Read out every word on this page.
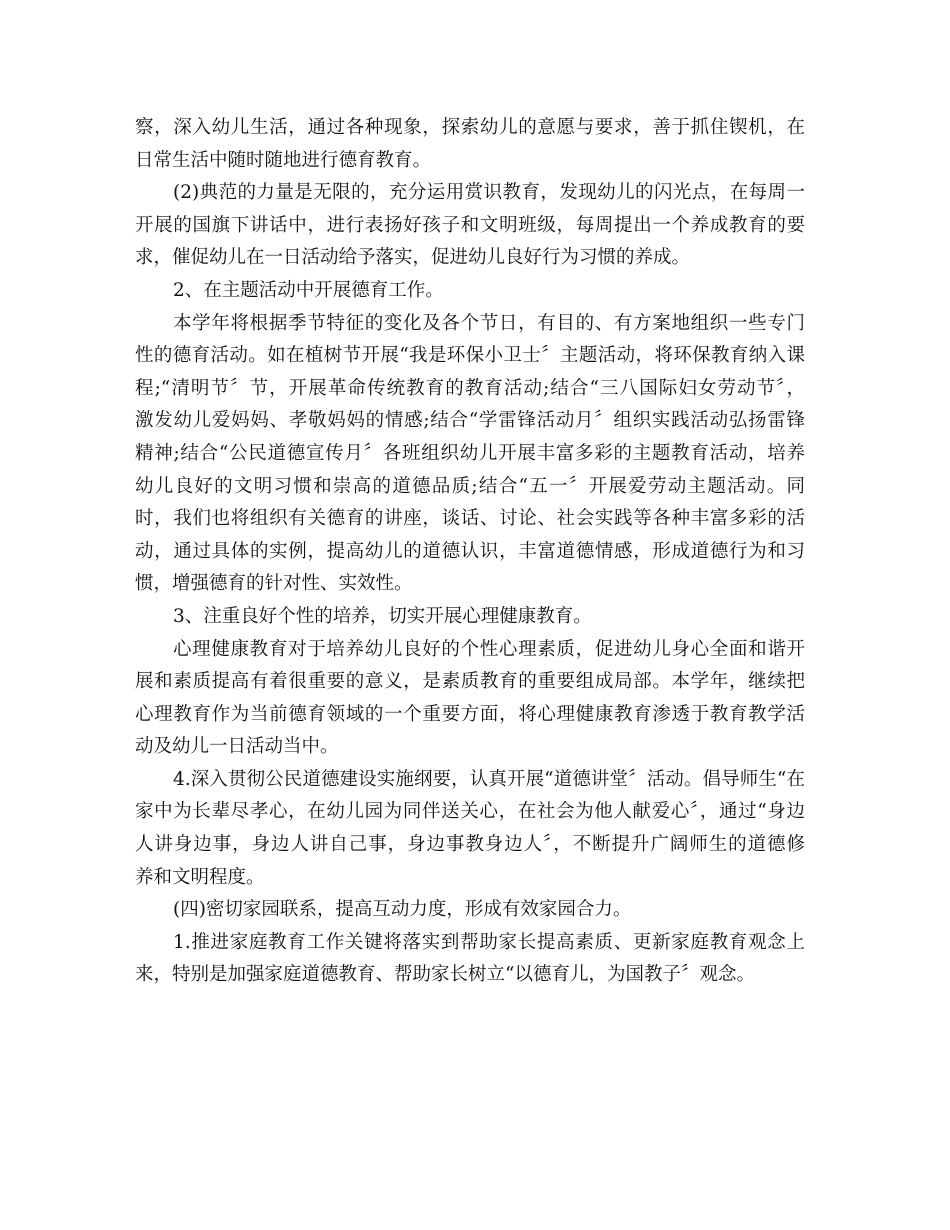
察，深入幼儿生活，通过各种现象，探索幼儿的意愿与要求，善于抓住锲机，在
日常生活中随时随地进行德育教育。
(2)典范的力量是无限的，充分运用赏识教育，发现幼儿的闪光点，在每周一
开展的国旗下讲话中，进行表扬好孩子和文明班级，每周提出一个养成教育的要
求，催促幼儿在一日活动给予落实，促进幼儿良好行为习惯的养成。
2、在主题活动中开展德育工作。
本学年将根据季节特征的变化及各个节日，有目的、有方案地组织一些专门
性的德育活动。如在植树节开展“我是环保小卫士〞主题活动，将环保教育纳入课
程;“清明节〞节，开展革命传统教育的教育活动;结合“三八国际妇女劳动节〞，
激发幼儿爱妈妈、孝敬妈妈的情感;结合“学雷锋活动月〞组织实践活动弘扬雷锋
精神;结合“公民道德宣传月〞各班组织幼儿开展丰富多彩的主题教育活动，培养
幼儿良好的文明习惯和崇高的道德品质;结合“五一〞开展爱劳动主题活动。同
时，我们也将组织有关德育的讲座，谈话、讨论、社会实践等各种丰富多彩的活
动，通过具体的实例，提高幼儿的道德认识，丰富道德情感，形成道德行为和习
惯，增强德育的针对性、实效性。
3、注重良好个性的培养，切实开展心理健康教育。
心理健康教育对于培养幼儿良好的个性心理素质，促进幼儿身心全面和谐开
展和素质提高有着很重要的意义，是素质教育的重要组成局部。本学年，继续把
心理教育作为当前德育领域的一个重要方面，将心理健康教育渗透于教育教学活
动及幼儿一日活动当中。
4.深入贯彻公民道德建设实施纲要，认真开展“道德讲堂〞活动。倡导师生“在
家中为长辈尽孝心，在幼儿园为同伴送关心，在社会为他人献爱心〞，通过“身边
人讲身边事，身边人讲自己事，身边事教身边人〞，不断提升广阔师生的道德修
养和文明程度。
(四)密切家园联系，提高互动力度，形成有效家园合力。
1.推进家庭教育工作关键将落实到帮助家长提高素质、更新家庭教育观念上
来，特别是加强家庭道德教育、帮助家长树立“以德育儿，为国教子〞观念。
